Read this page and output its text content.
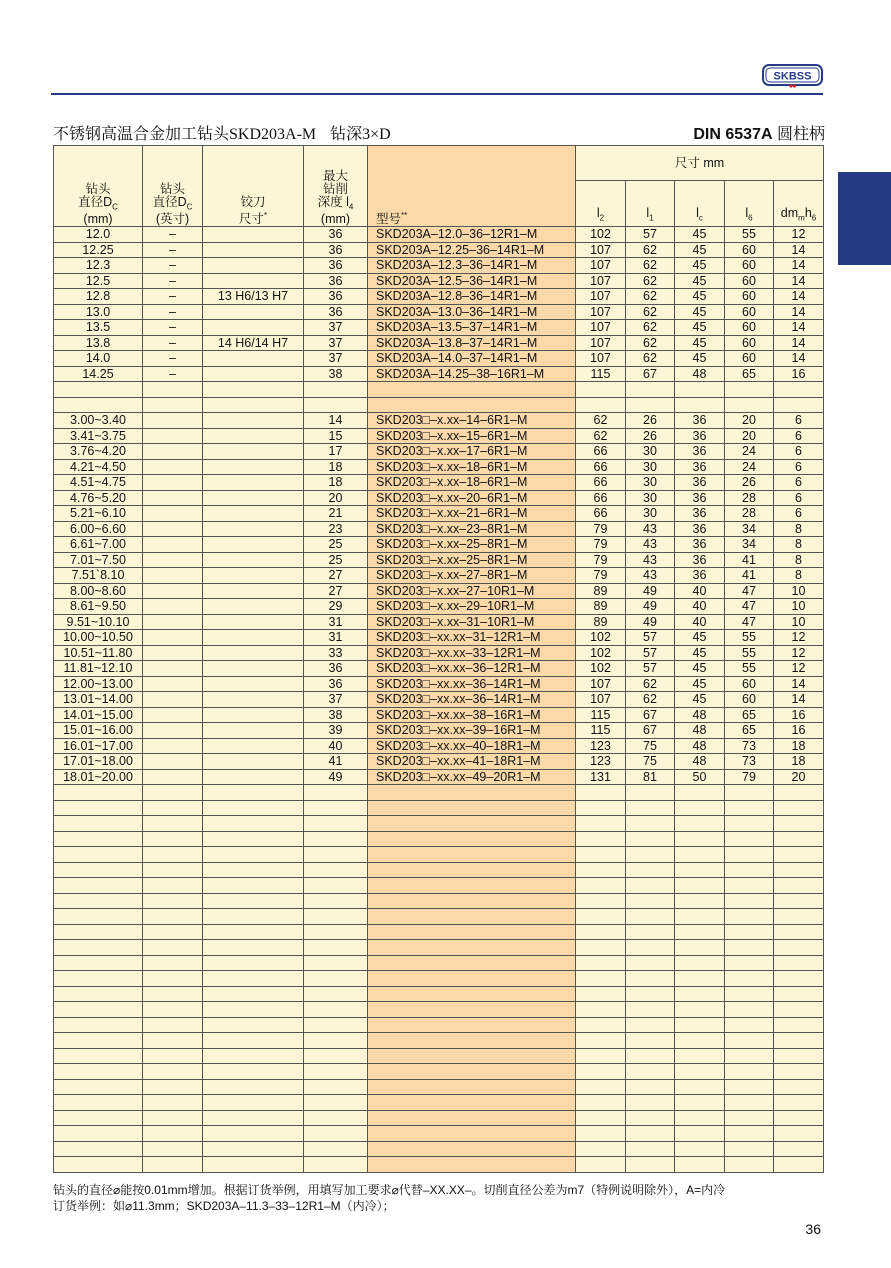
SKBSS
不锈钢高温合金加工钻头SKD203A-M 钻深3×D	DIN 6537A 圆柱柄
钻头
直径$D_C$
(mm)	钻头
直径$D_C$
(英寸)	铰刀
尺寸*	最大
钻削
深度 $l_4$
(mm)	型号**	尺寸 mm				
					$l_2$	$l_1$	$l_c$	$l_6$	$dm_mh_6$
12.0	–		36	SKD203A–12.0–36–12R1–M	102	57	45	55	12
12.25	–		36	SKD203A–12.25–36–14R1–M	107	62	45	60	14
12.3	–		36	SKD203A–12.3–36–14R1–M	107	62	45	60	14
12.5	–		36	SKD203A–12.5–36–14R1–M	107	62	45	60	14
12.8	–	13 H6/13 H7	36	SKD203A–12.8–36–14R1–M	107	62	45	60	14
13.0	–		36	SKD203A–13.0–36–14R1–M	107	62	45	60	14
13.5	–		37	SKD203A–13.5–37–14R1–M	107	62	45	60	14
13.8	–	14 H6/14 H7	37	SKD203A–13.8–37–14R1–M	107	62	45	60	14
14.0	–		37	SKD203A–14.0–37–14R1–M	107	62	45	60	14
14.25	–		38	SKD203A–14.25–38–16R1–M	115	67	48	65	16

3.00~3.40			14	SKD203□–x.xx–14–6R1–M	62	26	36	20	6
3.41~3.75			15	SKD203□–x.xx–15–6R1–M	62	26	36	20	6
3.76~4.20			17	SKD203□–x.xx–17–6R1–M	66	30	36	24	6
4.21~4.50			18	SKD203□–x.xx–18–6R1–M	66	30	36	24	6
4.51~4.75			18	SKD203□–x.xx–18–6R1–M	66	30	36	26	6
4.76~5.20			20	SKD203□–x.xx–20–6R1–M	66	30	36	28	6
5.21~6.10			21	SKD203□–x.xx–21–6R1–M	66	30	36	28	6
6.00~6.60			23	SKD203□–x.xx–23–8R1–M	79	43	36	34	8
6.61~7.00			25	SKD203□–x.xx–25–8R1–M	79	43	36	34	8
7.01~7.50			25	SKD203□–x.xx–25–8R1–M	79	43	36	41	8
7.51`8.10			27	SKD203□–x.xx–27–8R1–M	79	43	36	41	8
8.00~8.60			27	SKD203□–x.xx–27–10R1–M	89	49	40	47	10
8.61~9.50			29	SKD203□–x.xx–29–10R1–M	89	49	40	47	10
9.51~10.10			31	SKD203□–x.xx–31–10R1–M	89	49	40	47	10
10.00~10.50			31	SKD203□–xx.xx–31–12R1–M	102	57	45	55	12
10.51~11.80			33	SKD203□–xx.xx–33–12R1–M	102	57	45	55	12
11.81~12.10			36	SKD203□–xx.xx–36–12R1–M	102	57	45	55	12
12.00~13.00			36	SKD203□–xx.xx–36–14R1–M	107	62	45	60	14
13.01~14.00			37	SKD203□–xx.xx–36–14R1–M	107	62	45	60	14
14.01~15.00			38	SKD203□–xx.xx–38–16R1–M	115	67	48	65	16
15.01~16.00			39	SKD203□–xx.xx–39–16R1–M	115	67	48	65	16
16.01~17.00			40	SKD203□–xx.xx–40–18R1–M	123	75	48	73	18
17.01~18.00			41	SKD203□–xx.xx–41–18R1–M	123	75	48	73	18
18.01~20.00			49	SKD203□–xx.xx–49–20R1–M	131	81	50	79	20

钻头的直径⌀能按0.01mm增加。根据订货举例，用填写加工要求⌀代替–XX.XX–。切削直径公差为m7（特例说明除外），A=内冷
订货举例：如⌀11.3mm；SKD203A–11.3–33–12R1–M（内冷）；
36
